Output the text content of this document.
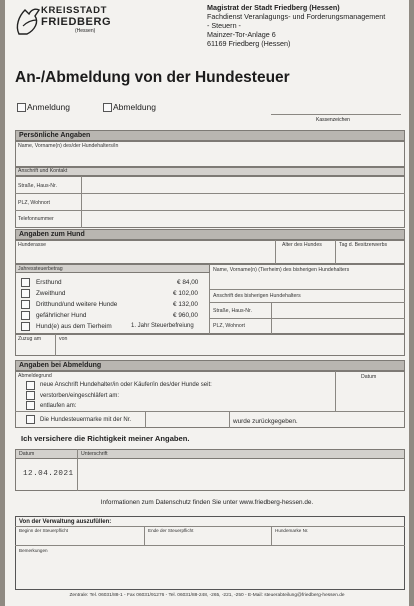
KREISSTADT
FRIEDBERG
(Hessen)
Magistrat der Stadt Friedberg (Hessen)
Fachdienst Veranlagungs- und Forderungsmanagement
- Steuern -
Mainzer-Tor-Anlage 6
61169 Friedberg (Hessen)
An-/Abmeldung von der Hundesteuer
Anmeldung	Abmeldung
Kassenzeichen
Persönliche Angaben
Name, Vorname(n) des/der Hundehalters/in
Anschrift und Kontakt
Straße, Haus-Nr.
PLZ, Wohnort
Telefonnummer
Angaben zum Hund
Hunderasse	Alter des Hundes	Tag d. Besitzerwerbs
Jahressteuerbetrag
Ersthund	€ 84,00
Zweithund	€ 102,00
Dritthund/und weitere Hunde	€ 132,00
gefährlicher Hund	€ 960,00
Hund(e) aus dem Tierheim	1. Jahr Steuerbefreiung
Name, Vorname(n) (Tierheim) des bisherigen Hundehalters
Anschrift des bisherigen Hundehalters
Straße, Haus-Nr.
PLZ, Wohnort
Zuzug am	von
Angaben bei Abmeldung
Abmeldegrund	Datum
neue Anschrift Hundehalter/in oder Käufer/in des/der Hunde seit:
verstorben/eingeschläfert am:
entlaufen am:
Die Hundesteuermarke mit der Nr.	wurde zurückgegeben.
Ich versichere die Richtigkeit meiner Angaben.
Datum	Unterschrift
12.04.2021
Informationen zum Datenschutz finden Sie unter www.friedberg-hessen.de.
Von der Verwaltung auszufüllen:
Beginn der Steuerpflicht	Ende der Steuerpflicht	Hundemarke Nr.
Bemerkungen
Zentrale: Tel. 06031/88-1 - Fax 06031/91276 - Tel. 06031/88-248, -265, -221, -250 - E-Mail: steuerabteilung@friedberg-hessen.de
